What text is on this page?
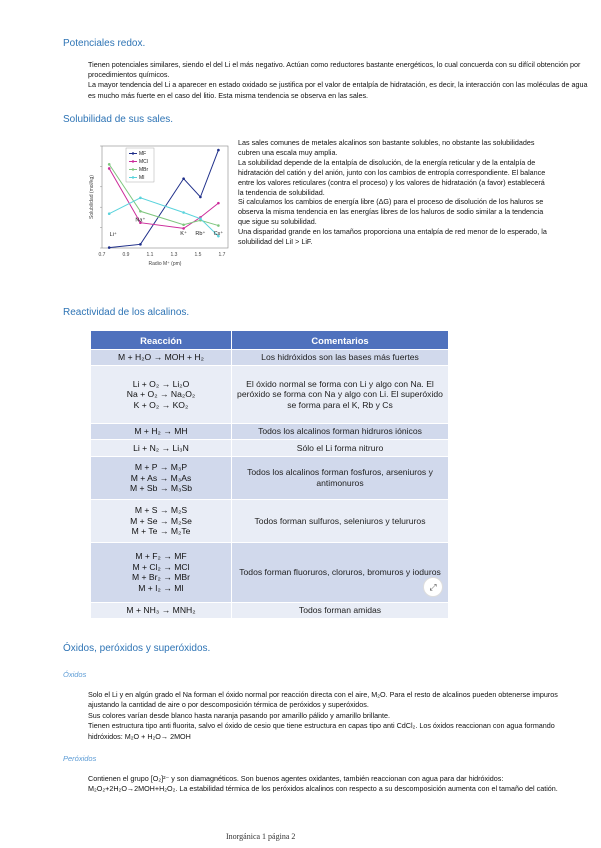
Potenciales redox.

Tienen potenciales similares, siendo el del Li el más negativo. Actúan como reductores bastante energéticos, lo cual concuerda con su difícil obtención por procedimientos químicos.

La mayor tendencia del Li a aparecer en estado oxidado se justifica por el valor de entalpía de hidratación, es decir, la interacción con las moléculas de agua es mucho más fuerte en el caso del litio. Esta misma tendencia se observa en las sales.

Solubilidad de sus sales.
0.7	0.9	1.1	1.3	1.5	1.7
Radio M⁺ (pm)
Solubilidad (mol/kg)
Li⁺
Na⁺
K⁺ Rb⁺ Cs⁺
MF
MCl
MBr
MI

Las sales comunes de metales alcalinos son bastante solubles, no obstante las solubilidades cubren una escala muy amplia.

La solubilidad depende de la entalpía de disolución, de la energía reticular y de la entalpía de hidratación del catión y del anión, junto con los cambios de entropía correspondiente. El balance entre los valores reticulares (contra el proceso) y los valores de hidratación (a favor) establecerá la tendencia de solubilidad.

Si calculamos los cambios de energía libre (ΔG) para el proceso de disolución de los haluros se observa la misma tendencia en las energías libres de los haluros de sodio similar a la tendencia que sigue su solubilidad.

Una disparidad grande en los tamaños proporciona una entalpía de red menor de lo esperado, la solubilidad del LiI > LiF.

Reactividad de los alcalinos.
Reacción	Comentarios

M + H₂O → MOH + H₂	Los hidróxidos son las bases más fuertes

Li + O₂ → Li₂O
Na + O₂ → Na₂O₂
K + O₂ → KO₂	El óxido normal se forma con Li y algo con Na. El peróxido se forma con Na y algo con Li. El superóxido se forma para el K, Rb y Cs

M + H₂ → MH	Todos los alcalinos forman hidruros iónicos

Li + N₂ → Li₃N	Sólo el Li forma nitruro

M + P → M₃P
M + As → M₃As
M + Sb → M₃Sb	Todos los alcalinos forman fosfuros, arseniuros y antimonuros

M + S → M₂S
M + Se → M₂Se
M + Te → M₂Te	Todos forman sulfuros, seleniuros y telururos

M + F₂ → MF
M + Cl₂ → MCl
M + Br₂ → MBr
M + I₂ → MI	Todos forman fluoruros, cloruros, bromuros y ioduros

M + NH₃ → MNH₂	Todos forman amidas
⤢
Óxidos, peróxidos y superóxidos.
Óxidos

Solo el Li y en algún grado el Na forman el óxido normal por reacción directa con el aire, M₂O. Para el resto de alcalinos pueden obtenerse impuros ajustando la cantidad de aire o por descomposición térmica de peróxidos y superóxidos.

Sus colores varían desde blanco hasta naranja pasando por amarillo pálido y amarillo brillante.

Tienen estructura tipo anti fluorita, salvo el óxido de cesio que tiene estructura en capas tipo anti CdCl₂. Los óxidos reaccionan con agua formando hidróxidos: M₂O + H₂O→ 2MOH

Peróxidos

Contienen el grupo [O₂]²⁻ y son diamagnéticos. Son buenos agentes oxidantes, también reaccionan con agua para dar hidróxidos: M₂O₂+2H₂O→2MOH+H₂O₂. La estabilidad térmica de los peróxidos alcalinos con respecto a su descomposición aumenta con el tamaño del catión.

Inorgánica 1 página 2
